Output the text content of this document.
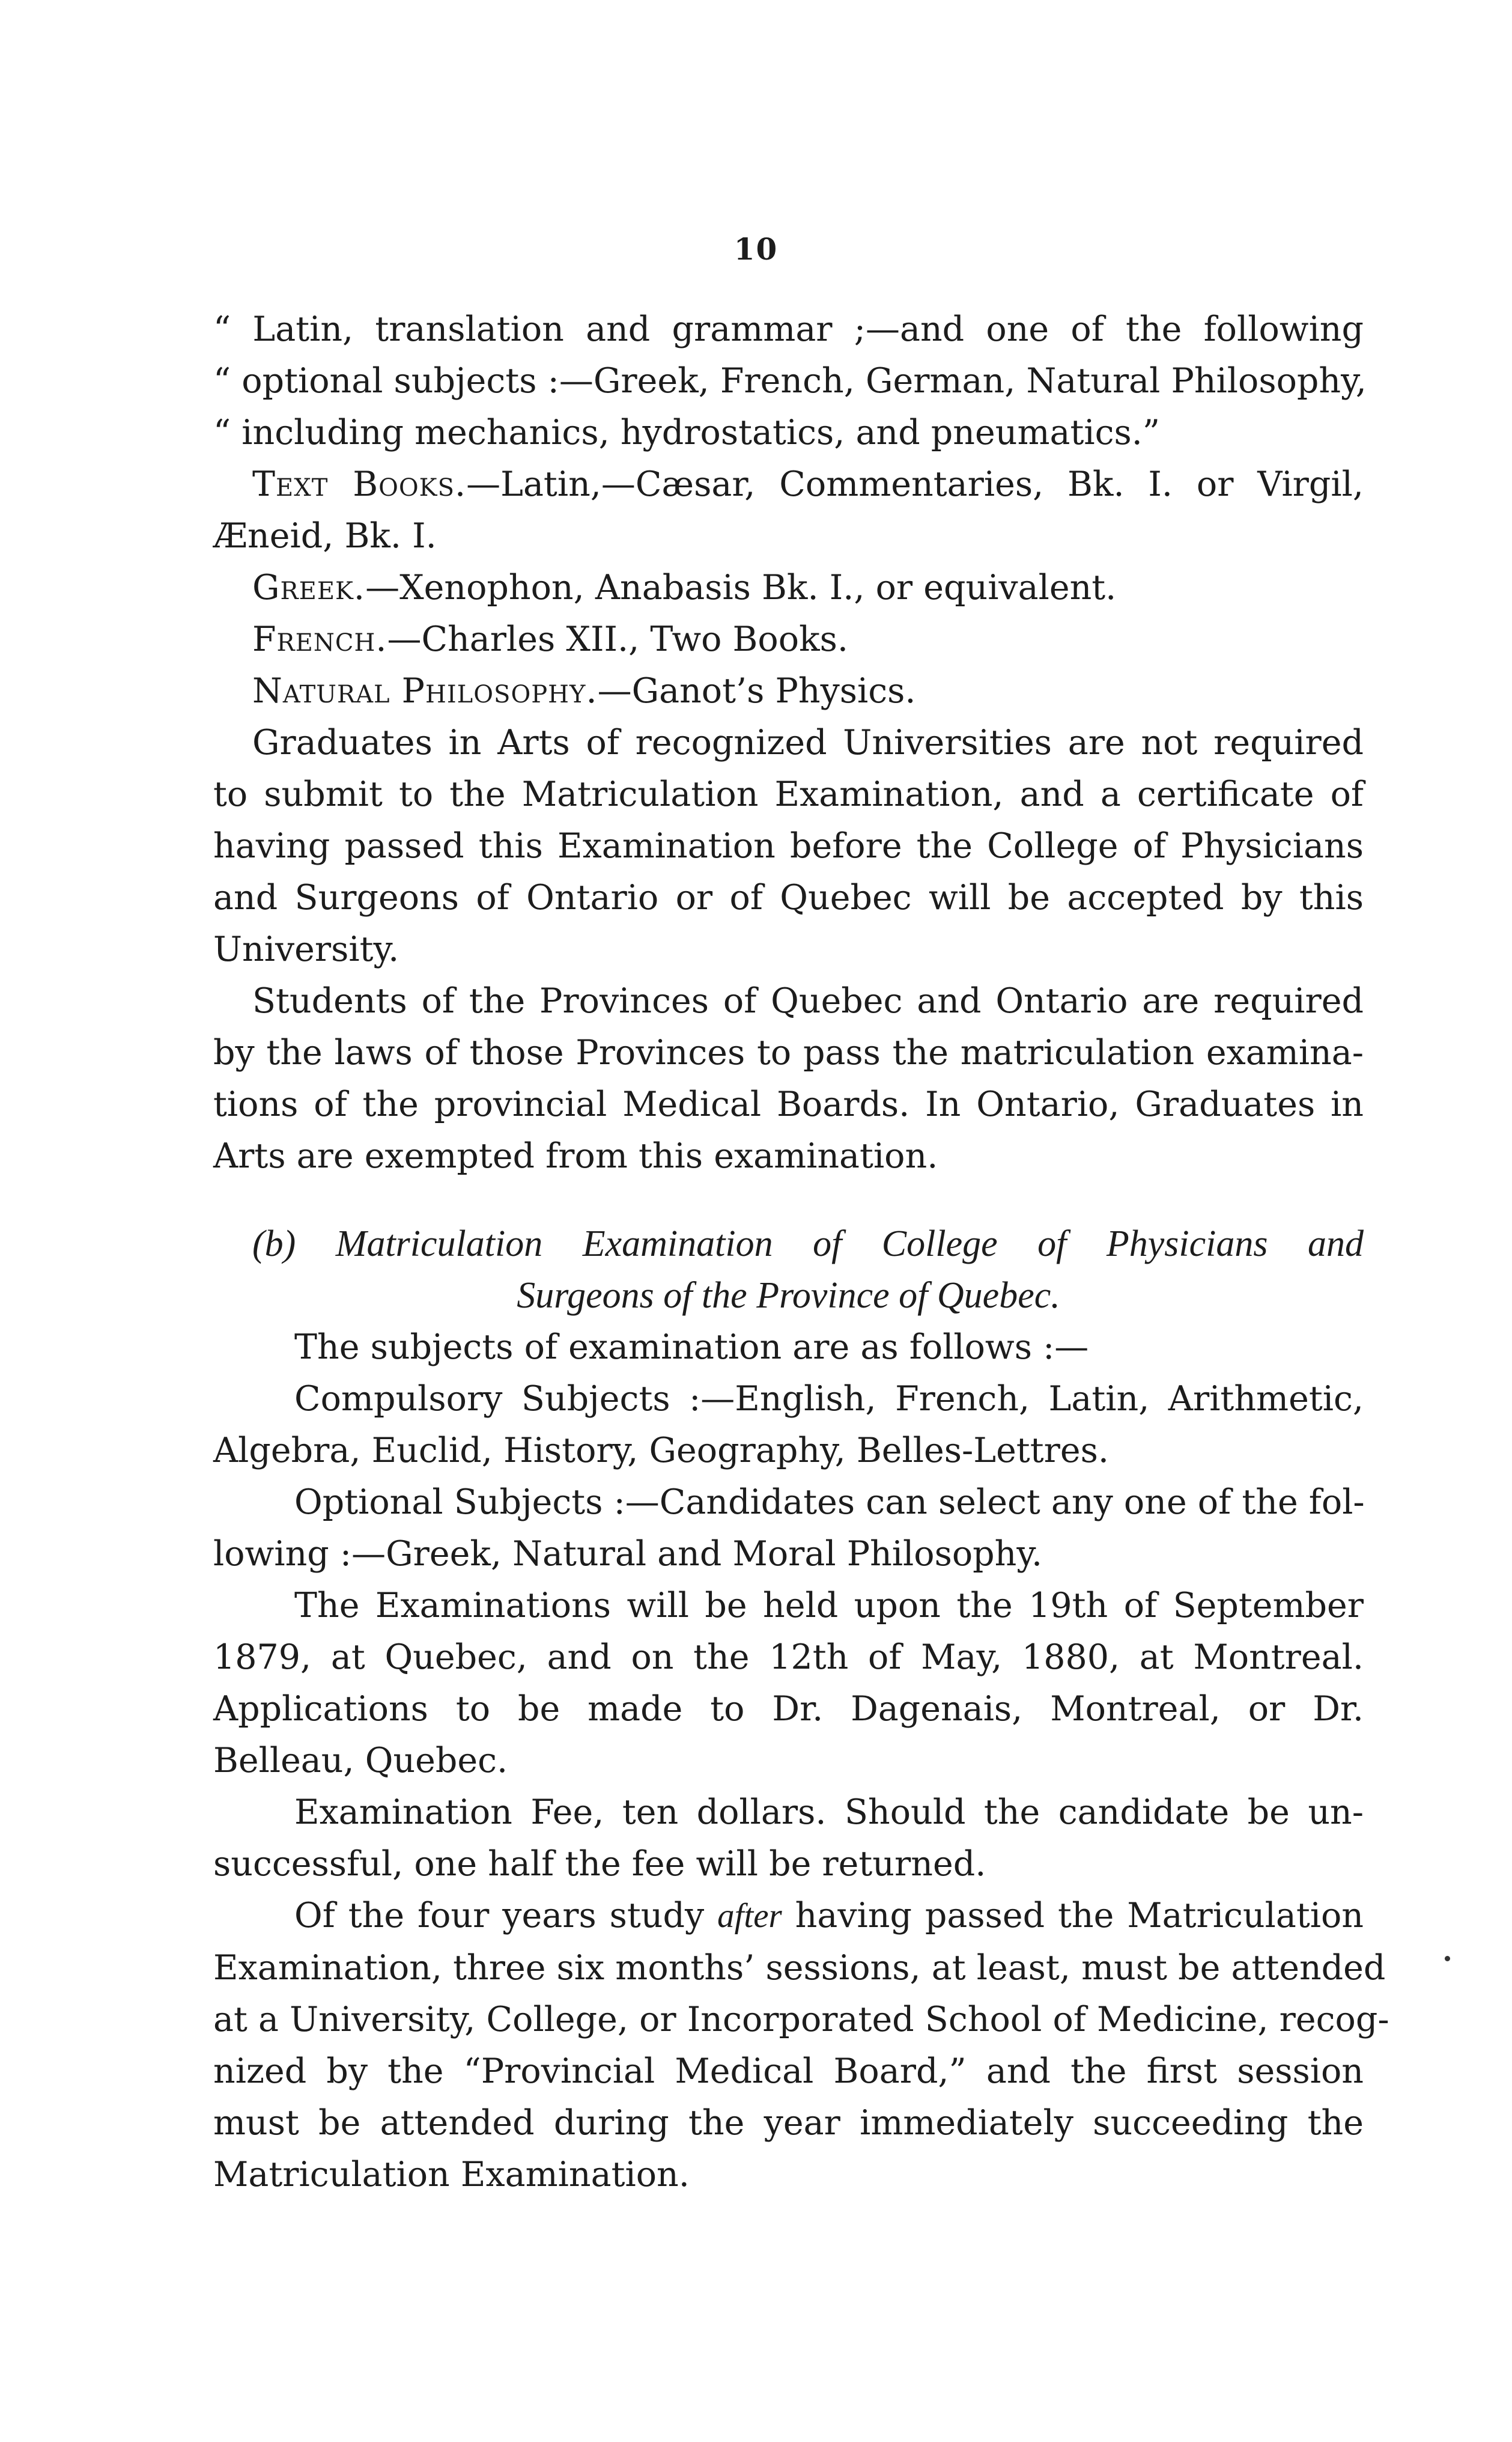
10
“ Latin, translation and grammar ;—and one of the following
“ optional subjects :—Greek, French, German, Natural Philosophy,
“ including mechanics, hydrostatics, and pneumatics.”
Text Books.—Latin,—Cæsar, Commentaries, Bk. I. or Virgil,
Æneid, Bk. I.
Greek.—Xenophon, Anabasis Bk. I., or equivalent.
French.—Charles XII., Two Books.
Natural Philosophy.—Ganot’s Physics.
Graduates in Arts of recognized Universities are not required
to submit to the Matriculation Examination, and a certificate of
having passed this Examination before the College of Physicians
and Surgeons of Ontario or of Quebec will be accepted by this
University.
Students of the Provinces of Quebec and Ontario are required
by the laws of those Provinces to pass the matriculation examina-
tions of the provincial Medical Boards. In Ontario, Graduates in
Arts are exempted from this examination.
(b) Matriculation Examination of College of Physicians and
Surgeons of the Province of Quebec.
The subjects of examination are as follows :—
Compulsory Subjects :—English, French, Latin, Arithmetic,
Algebra, Euclid, History, Geography, Belles-Lettres.
Optional Subjects :—Candidates can select any one of the fol-
lowing :—Greek, Natural and Moral Philosophy.
The Examinations will be held upon the 19th of September
1879, at Quebec, and on the 12th of May, 1880, at Montreal.
Applications to be made to Dr. Dagenais, Montreal, or Dr.
Belleau, Quebec.
Examination Fee, ten dollars. Should the candidate be un-
successful, one half the fee will be returned.
Of the four years study after having passed the Matriculation
Examination, three six months’ sessions, at least, must be attended
at a University, College, or Incorporated School of Medicine, recog-
nized by the “Provincial Medical Board,” and the first session
must be attended during the year immediately succeeding the
Matriculation Examination.
